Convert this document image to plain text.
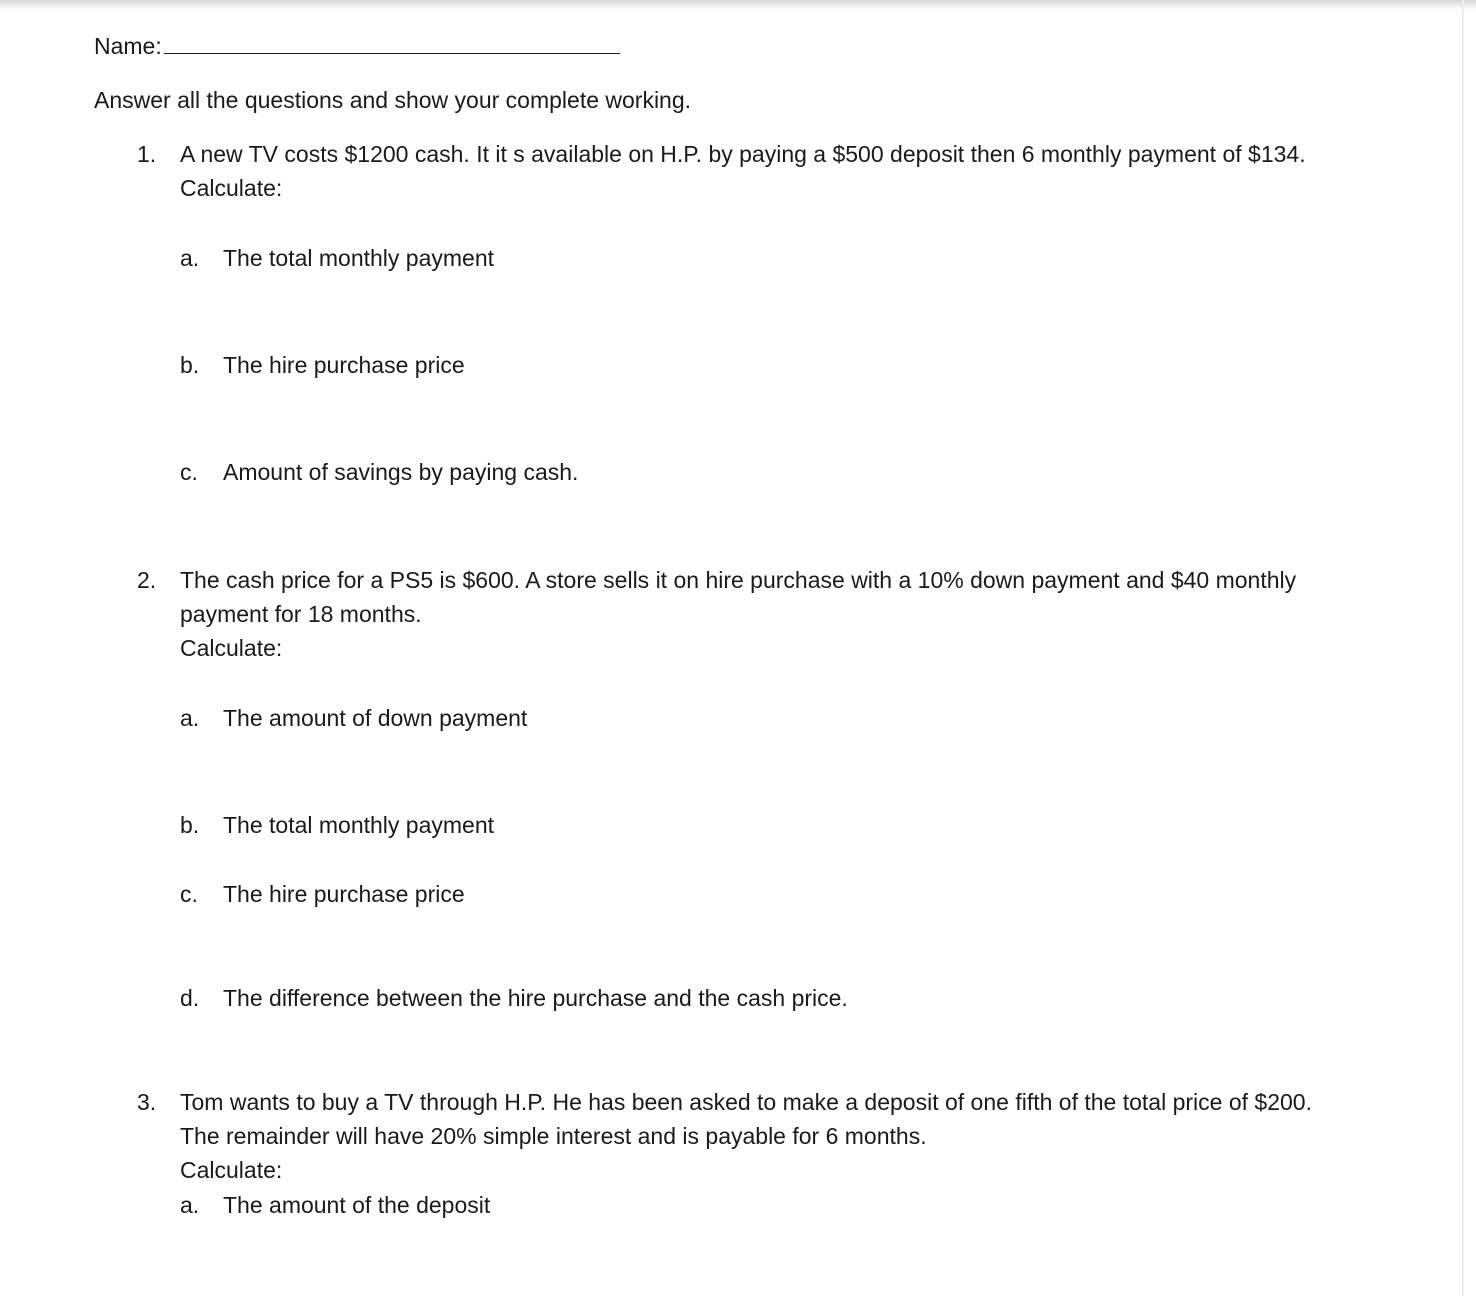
Name:
Answer all the questions and show your complete working.
1. A new TV costs $1200 cash. It it s available on H.P. by paying a $500 deposit then 6 monthly payment of $134.
Calculate:
a. The total monthly payment
b. The hire purchase price
c. Amount of savings by paying cash.
2. The cash price for a PS5 is $600. A store sells it on hire purchase with a 10% down payment and $40 monthly
payment for 18 months.
Calculate:
a. The amount of down payment
b. The total monthly payment
c. The hire purchase price
d. The difference between the hire purchase and the cash price.
3. Tom wants to buy a TV through H.P. He has been asked to make a deposit of one fifth of the total price of $200.
The remainder will have 20% simple interest and is payable for 6 months.
Calculate:
a. The amount of the deposit
